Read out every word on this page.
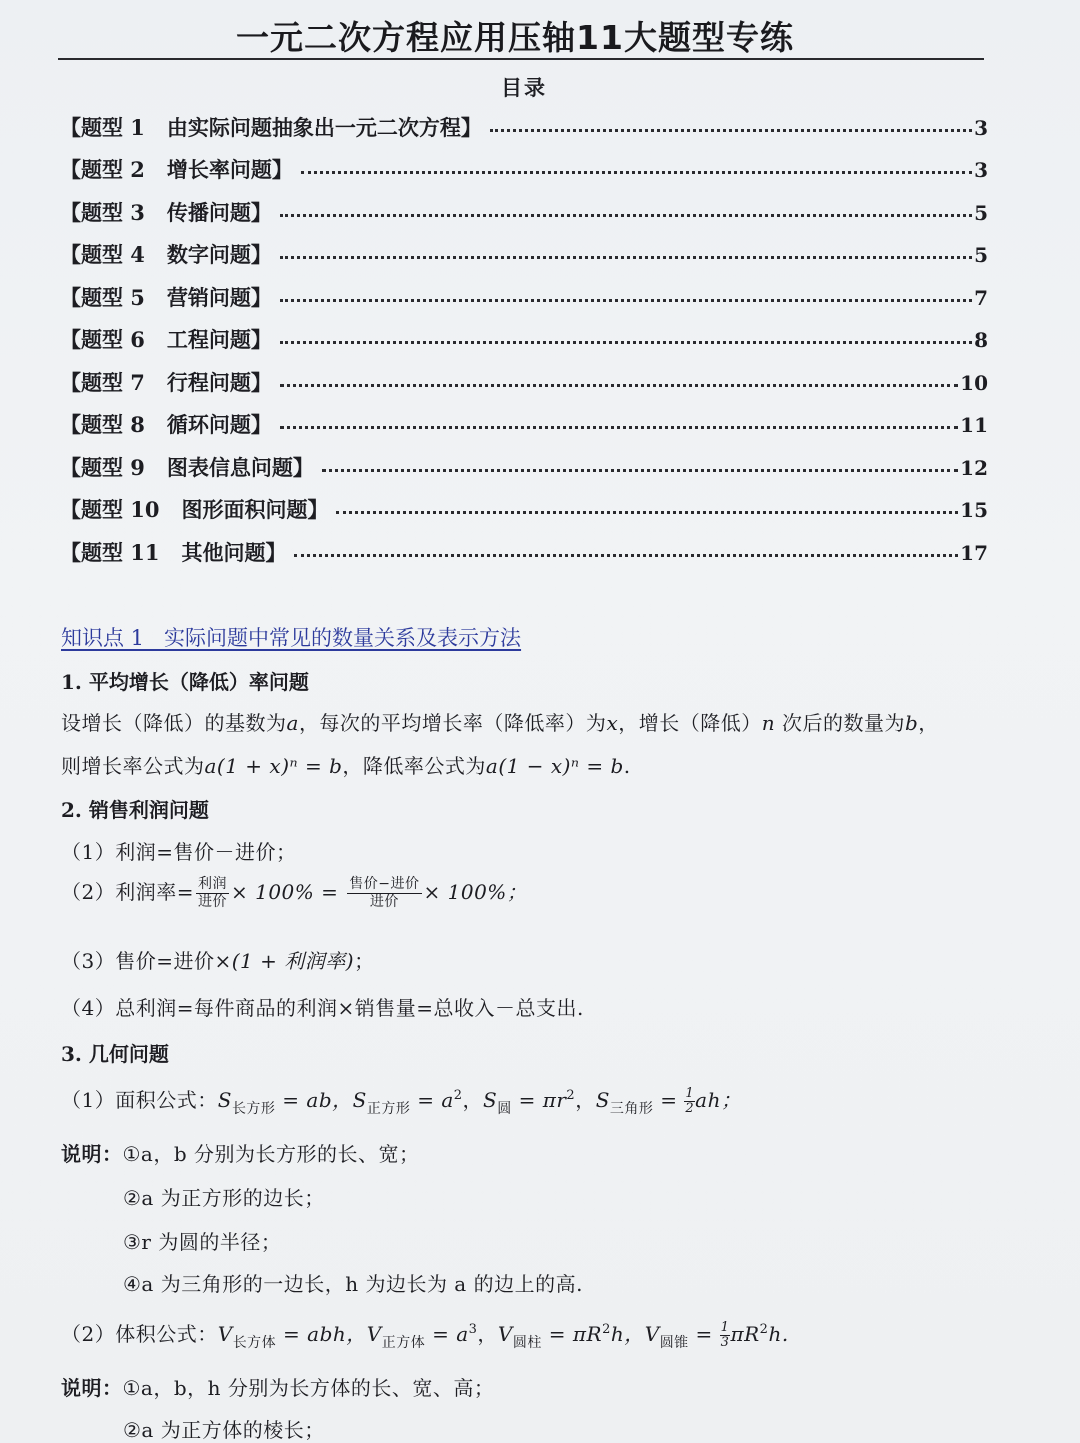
一元二次方程应用压轴11大题型专练
目录
【题型 1   由实际问题抽象出一元二次方程】	3
【题型 2   增长率问题】	3
【题型 3   传播问题】	5
【题型 4   数字问题】	5
【题型 5   营销问题】	7
【题型 6   工程问题】	8
【题型 7   行程问题】	10
【题型 8   循环问题】	11
【题型 9   图表信息问题】	12
【题型 10   图形面积问题】	15
【题型 11   其他问题】	17
知识点 1   实际问题中常见的数量关系及表示方法
1. 平均增长（降低）率问题
设增长（降低）的基数为a，每次的平均增长率（降低率）为x，增长（降低）n 次后的数量为b，
则增长率公式为a(1 + x)ⁿ = b，降低率公式为a(1 − x)ⁿ = b.
2. 销售利润问题
（1）利润=售价－进价；
（2）利润率= $\frac{\text{利润}}{\text{进价}} \times 100\% = \frac{\text{售价−进价}}{\text{进价}} \times 100\%$；
（3）售价=进价×(1 + 利润率)；
（4）总利润=每件商品的利润×销售量=总收入－总支出.
3. 几何问题
（1）面积公式：$S_{长方形}$ = ab，$S_{正方形} = a^2$，$S_圆 = \pi r^2$，$S_{三角形} = \frac{1}{2}$ ah；
说明：①a，b 分别为长方形的长、宽；
②a 为正方形的边长；
③r 为圆的半径；
④a 为三角形的一边长，h 为边长为 a 的边上的高.
（2）体积公式：$V_{长方体}$ = abh，$V_{正方体} = a^3$，$V_{圆柱} = \pi R^2h$，$V_{圆锥} = \frac{1}{3} \pi R^2h$.
说明：①a，b，h 分别为长方体的长、宽、高；
②a 为正方体的棱长；
